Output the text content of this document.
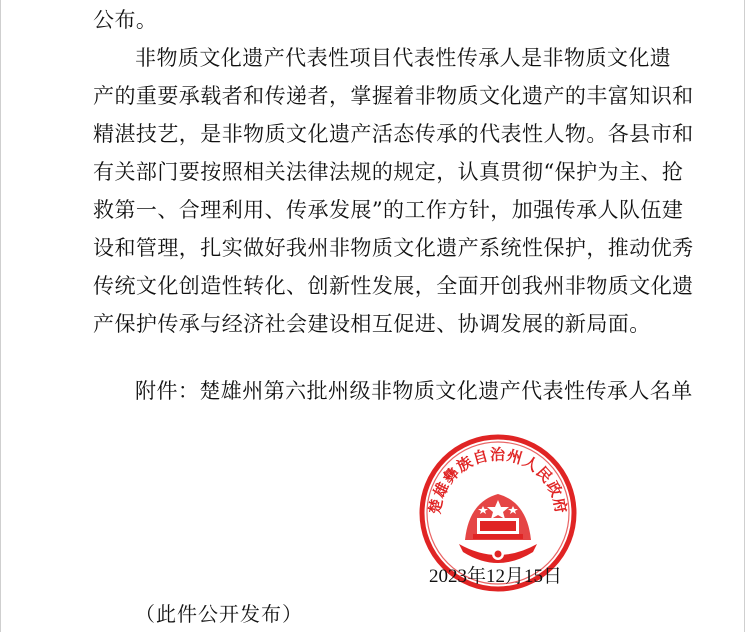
公布。
非物质文化遗产代表性项目代表性传承人是非物质文化遗
产的重要承载者和传递者，掌握着非物质文化遗产的丰富知识和
精湛技艺，是非物质文化遗产活态传承的代表性人物。各县市和
有关部门要按照相关法律法规的规定，认真贯彻“保护为主、抢
救第一、合理利用、传承发展”的工作方针，加强传承人队伍建
设和管理，扎实做好我州非物质文化遗产系统性保护，推动优秀
传统文化创造性转化、创新性发展，全面开创我州非物质文化遗
产保护传承与经济社会建设相互促进、协调发展的新局面。
附件：楚雄州第六批州级非物质文化遗产代表性传承人名单
楚雄彝族自治州人民政府
2023年12月15日
（此件公开发布）
